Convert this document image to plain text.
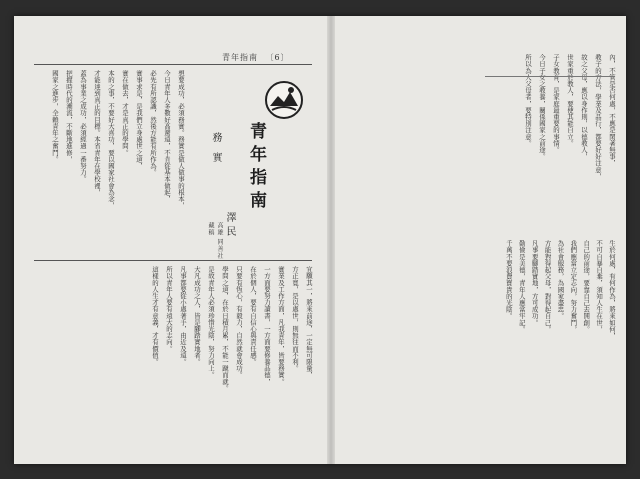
青年指南 〔6〕
想要成功，必須務實。務實是做人做事的根本，
今日青年人多數好高騖遠，不肯從基本做起，
必先有所認識，然後方能有所作為。
實事求是，是我們立身處世之道，
實在做去，才是真正的學問。
本的之事，不要好大喜功，要以國家社會為念，
才能達到真正的目標。本省青年在學校裡，
蓋為事業之成功，必須經過一番努力。
把握時代的潮流，不斷地進修，
國家之進步，全賴青年之奮鬥。
青年指南
務實
澤民
高雄 同善社藏稿
宜願其一，將來前途，一定無可限量，
方正寬，是以處世，則無往而不利。
實業及工作方面，凡我青年，皆要務實。
一方面要努力讀書，一方面要修養品德，
在於個人，要有自信心與責任感。
只要有恆心，有毅力，自然就會成功。
學問之道，在於日積月累，不能一蹴而就。
是故青年人必須珍惜光陰，努力向上。
大凡成功之人，皆是腳踏實地者。
凡事都要從小處著手，由近及遠。
所以青年人要有遠大的志向。
這樣的人生才有意義，才有價值。
內，不管是否何處，不應是閑著無事，
教子的方法，學業及品行，都要好好注意，
故之父母，應以身作則，以德教人，
世家重於教人，要使其能自立。
子女教育，是家庭最重要的事情。
今日子女之教養，關係國家之前途。
所以為人父母者，要特別注意。
生於何處，有何作為，將來如何，
不可自暴自棄，須知人生在世，
自己的前途，要靠自己去開創。
我們應當立定志向，努力奮鬥，
為社會服務，為國家盡忠。
方能對得起父母，對得起自己。
凡事要腳踏實地，方可成功。
勤儉是美德，青年人應當牢記。
千萬不要浪費寶貴的光陰。
